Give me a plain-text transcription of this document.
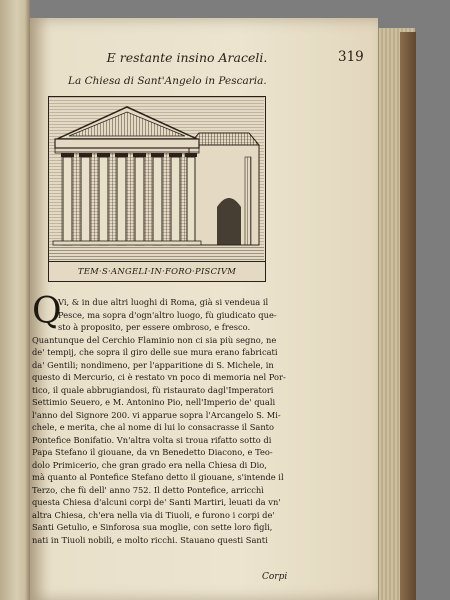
E restante insino Araceli.	319
La Chiesa di Sant'Angelo in Pescaria.
TEM·S·ANGELI·IN·FORO·PISCIVM
Q
Vi, & in due altri luoghi di Roma, già si vendeua il
Pesce, ma sopra d'ogn'altro luogo, fù giudicato que-
sto à proposito, per essere ombroso, e fresco.
Quantunque del Cerchio Flaminio non ci sia più segno, ne
de' tempij, che sopra il giro delle sue mura erano fabricati
da' Gentili; nondimeno, per l'apparitione di S. Michele, in
questo di Mercurio, ci è restato vn poco di memoria nel Por-
tico, il quale abbrugiandosi, fù ristaurato dagl'Imperatori
Settimio Seuero, e M. Antonino Pio, nell'Imperio de' quali
l'anno del Signore 200. vi apparue sopra l'Arcangelo S. Mi-
chele, e merita, che al nome di lui lo consacrasse il Santo
Pontefice Bonifatio. Vn'altra volta si troua rifatto sotto di
Papa Stefano il giouane, da vn Benedetto Diacono, e Teo-
dolo Primicerio, che gran grado era nella Chiesa di Dio,
mà quanto al Pontefice Stefano detto il giouane, s'intende il
Terzo, che fù dell' anno 752. Il detto Pontefice, arricchì
questa Chiesa d'alcuni corpi de' Santi Martiri, leuati da vn'
altra Chiesa, ch'era nella via di Tiuoli, e furono i corpi de'
Santi Getulio, e Sinforosa sua moglie, con sette loro figli,
nati in Tiuoli nobili, e molto ricchi. Stauano questi Santi
Corpi
